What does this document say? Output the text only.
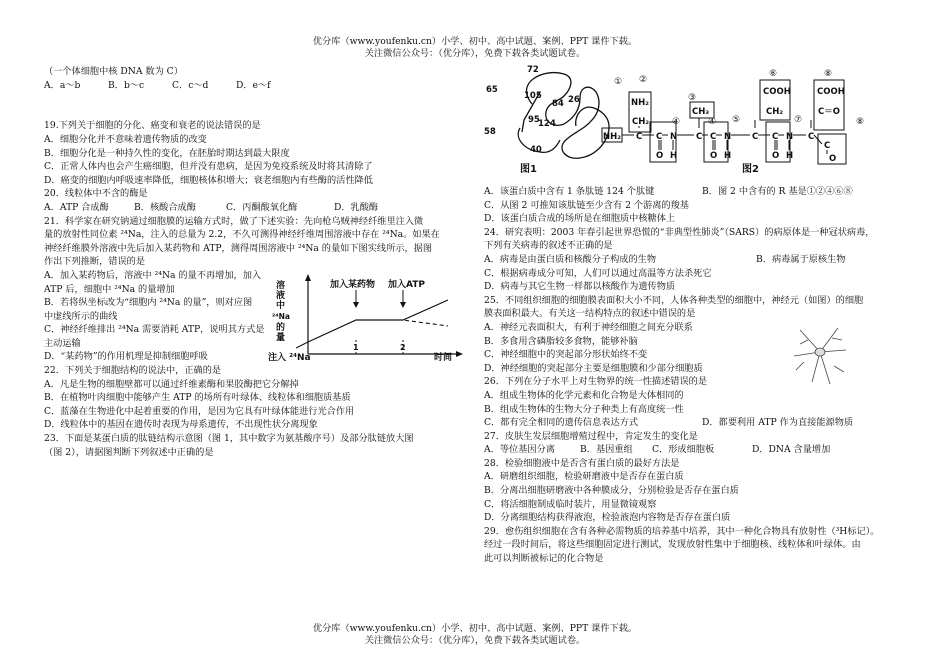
优分库（www.youfenku.cn）小学、初中、高中试题、案例、PPT 课件下载。
关注微信公众号：（优分库），免费下载各类试题试卷。

（一个体细胞中核 DNA 数为 C）

A．a～b	B．b～c	C．c～d	D．e～f

19.下列关于细胞的分化、癌变和衰老的说法错误的是

A．细胞分化并不意味着遗传物质的改变

B．细胞分化是一种持久性的变化，在胚胎时期达到最大限度

C．正常人体内也会产生癌细胞，但并没有患病，是因为免疫系统及时将其清除了

D．癌变的细胞内呼吸速率降低，细胞核体积增大；衰老细胞内有些酶的活性降低

20．线粒体中不含的酶是

A．ATP 合成酶	B．核酸合成酶	C．丙酮酸氧化酶	D．乳酸酶

21．科学家在研究钠通过细胞膜的运输方式时，做了下述实验：先向枪乌贼神经纤维里注入微

量的放射性同位素 ²⁴Na，注入的总量为 2.2，不久可测得神经纤维周围溶液中存在 ²⁴Na。如果在

神经纤维膜外溶液中先后加入某药物和 ATP，测得周围溶液中 ²⁴Na 的量如下图实线所示，据图

作出下列推断，错误的是

A．加入某药物后，溶液中 ²⁴Na 的量不再增加，加入

ATP 后，细胞中 ²⁴Na 的量增加

B．若将纵坐标改为“细胞内 ²⁴Na 的量”，则对应图

中虚线所示的曲线

C．神经纤维排出 ²⁴Na 需要消耗 ATP，说明其方式是

主动运输

D．“某药物”的作用机理是抑制细胞呼吸

22．下列关于细胞结构的说法中，正确的是

A．凡是生物的细胞壁都可以通过纤维素酶和果胶酶把它分解掉

B．在植物叶肉细胞中能够产生 ATP 的场所有叶绿体、线粒体和细胞质基质

C．蓝藻在生物进化中起着重要的作用，是因为它具有叶绿体能进行光合作用

D．线粒体中的基因在遗传时表现为母系遗传，不出现性状分离现象

23．下面是某蛋白质的肽链结构示意图（图 1，其中数字为氨基酸序号）及部分肽链放大图

（图 2），请据图判断下列叙述中正确的是

溶
液
中
²⁴Na
的
量
加入某药物 加入ATP
注入 ²⁴Na	时间
1	2
72
65
105
84 26
95
124
58
40
图1	图2
① ②
③
④
⑥	⑧
④	⑤	⑦	⑧
NH₂
NH₂
CH₂
CH₃
COOH
CH₂
COOH
C＝O
C C N C C N C C N C
C
O H	O H	O H	O

A．该蛋白质中含有 1 条肽链 124 个肽键	B．图 2 中含有的 R 基是①②④⑥⑧

C．从图 2 可推知该肽链至少含有 2 个游离的羧基

D．该蛋白质合成的场所是在细胞质中核糖体上

24．研究表明：2003 年春引起世界恐慌的“非典型性肺炎”（SARS）的病原体是一种冠状病毒，

下列有关病毒的叙述不正确的是

A．病毒是由蛋白质和核酸分子构成的生物	B．病毒属于原核生物

C．根据病毒成分可知，人们可以通过高温等方法杀死它

D．病毒与其它生物一样都以核酸作为遗传物质

25．不同组织细胞的细胞膜表面积大小不同，人体各种类型的细胞中，神经元（如图）的细胞

膜表面积最大。有关这一结构特点的叙述中错误的是

A．神经元表面积大，有利于神经细胞之间充分联系

B．多食用含磷脂较多食物，能够补脑

C．神经细胞中的突起部分形状始终不变

D．神经细胞的突起部分主要是细胞膜和少部分细胞质

26．下列在分子水平上对生物界的统一性描述错误的是

A．组成生物体的化学元素和化合物是大体相同的

B．组成生物体的生物大分子种类上有高度统一性

C．都有完全相同的遗传信息表达方式	D．都要利用 ATP 作为直接能源物质

27．皮肤生发层细胞增殖过程中，肯定发生的变化是

A．等位基因分离	B．基因重组	C．形成细胞板	D．DNA 含量增加

28．检验细胞液中是否含有蛋白质的最好方法是

A．研磨组织细胞，检验研磨液中是否存在蛋白质

B．分离出细胞研磨液中各种膜成分，分别检验是否存在蛋白质

C．将活细胞制成临时装片，用显微镜观察

D．分离细胞结构获得液泡，检验液泡内容物是否存在蛋白质

29．愈伤组织细胞在含有各种必需物质的培养基中培养，其中一种化合物具有放射性（³H标记）。

经过一段时间后，将这些细胞固定进行测试，发现放射性集中于细胞核、线粒体和叶绿体。由

此可以判断被标记的化合物是

优分库（www.youfenku.cn）小学、初中、高中试题、案例、PPT 课件下载。
关注微信公众号：（优分库），免费下载各类试题试卷。
